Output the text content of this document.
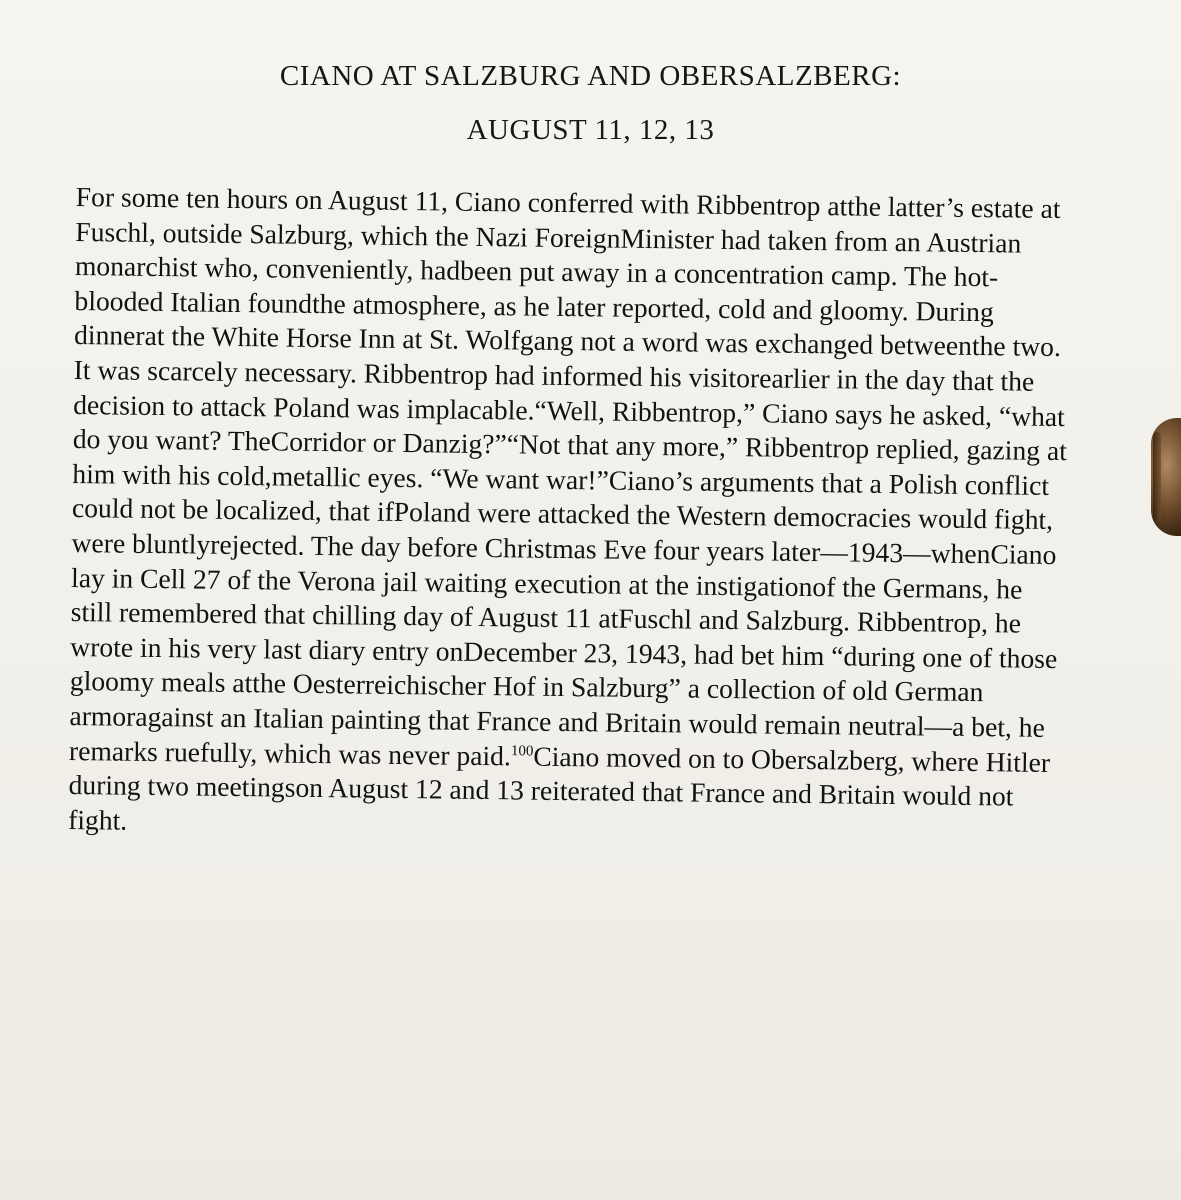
CIANO AT SALZBURG AND OBERSALZBERG:
AUGUST 11, 12, 13
For some ten hours on August 11, Ciano conferred with Ribbentrop atthe latter’s estate at Fuschl, outside Salzburg, which the Nazi ForeignMinister had taken from an Austrian monarchist who, conveniently, hadbeen put away in a concentration camp. The hot-blooded Italian foundthe atmosphere, as he later reported, cold and gloomy. During dinnerat the White Horse Inn at St. Wolfgang not a word was exchanged betweenthe two. It was scarcely necessary. Ribbentrop had informed his visitorearlier in the day that the decision to attack Poland was implacable.“Well, Ribbentrop,” Ciano says he asked, “what do you want? TheCorridor or Danzig?”“Not that any more,” Ribbentrop replied, gazing at him with his cold,metallic eyes. “We want war!”Ciano’s arguments that a Polish conflict could not be localized, that ifPoland were attacked the Western democracies would fight, were bluntlyrejected. The day before Christmas Eve four years later—1943—whenCiano lay in Cell 27 of the Verona jail waiting execution at the instigationof the Germans, he still remembered that chilling day of August 11 atFuschl and Salzburg. Ribbentrop, he wrote in his very last diary entry onDecember 23, 1943, had bet him “during one of those gloomy meals atthe Oesterreichischer Hof in Salzburg” a collection of old German armoragainst an Italian painting that France and Britain would remain neutral—a bet, he remarks ruefully, which was never paid.$^{100}$Ciano moved on to Obersalzberg, where Hitler during two meetingson August 12 and 13 reiterated that France and Britain would not fight.
